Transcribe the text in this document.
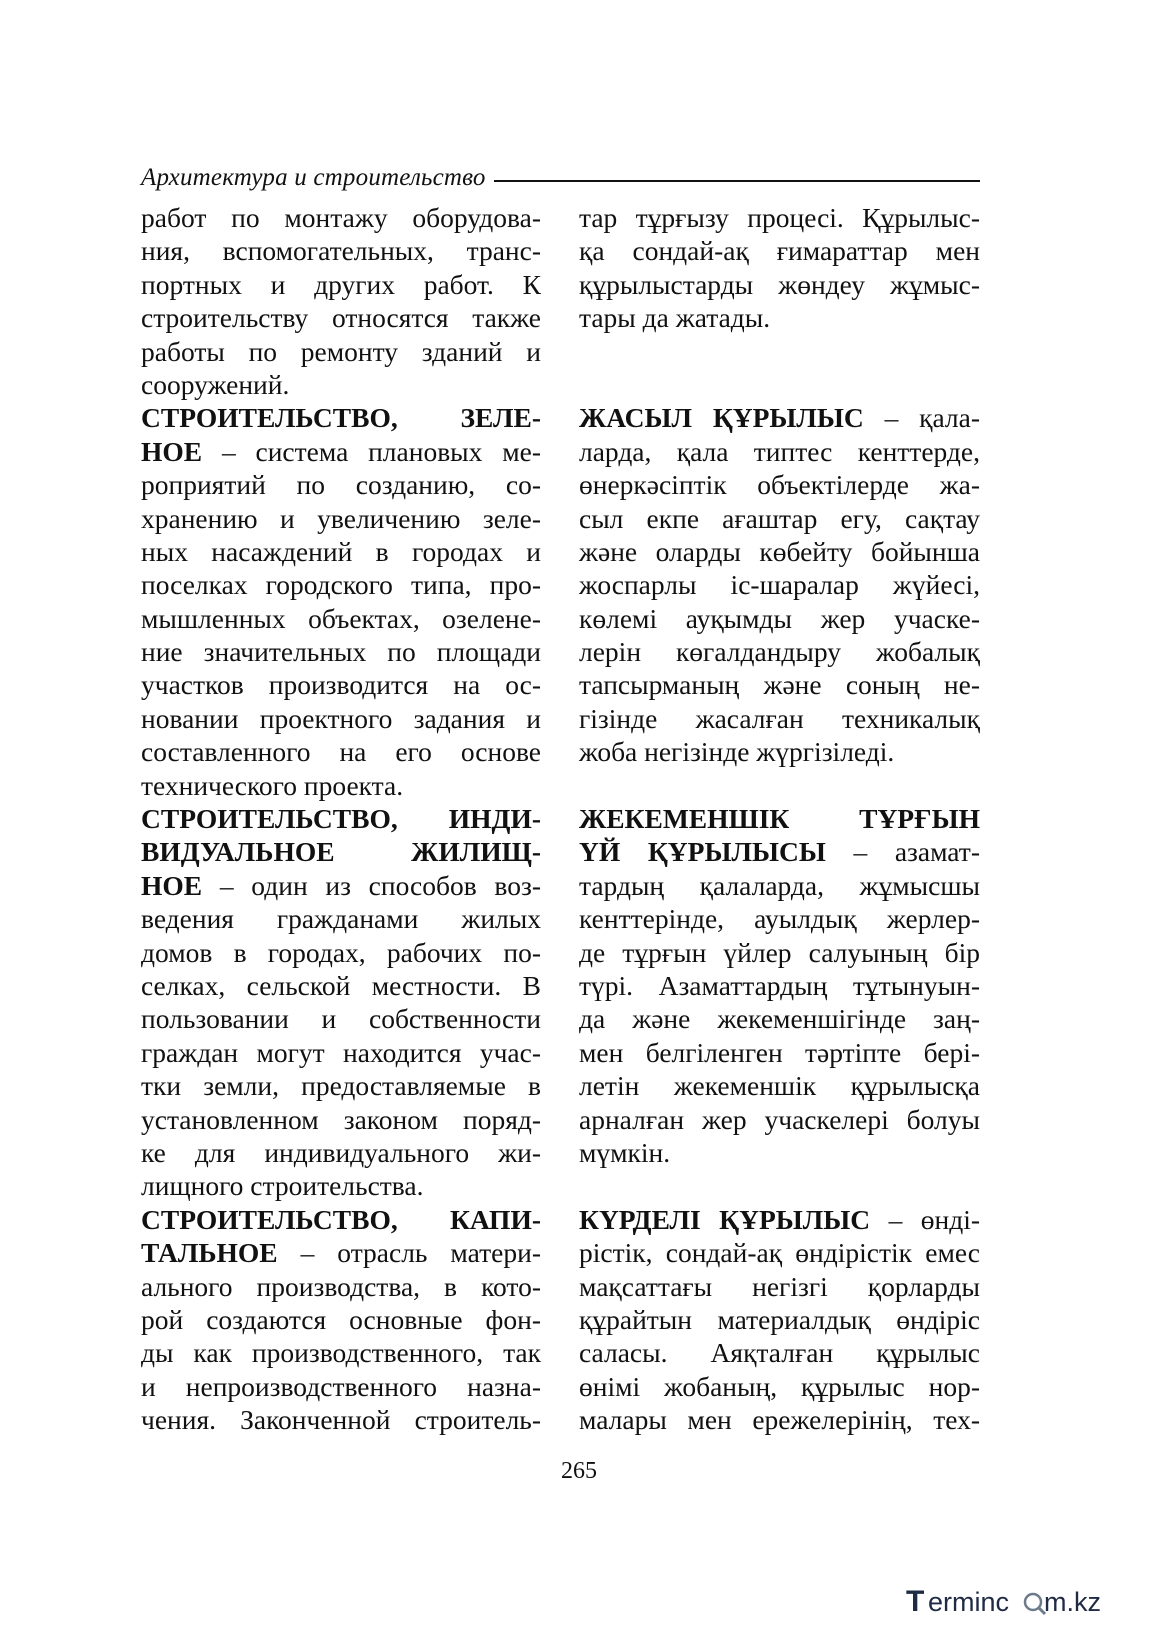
Архитектура и строительство
работ по монтажу оборудова-
ния, вспомогательных, транс-
портных и других работ. К
строительству относятся также
работы по ремонту зданий и
сооружений.
СТРОИТЕЛЬСТВО, ЗЕЛЕ-
НОЕ – система плановых ме-
роприятий по созданию, со-
хранению и увеличению зеле-
ных насаждений в городах и
поселках городского типа, про-
мышленных объектах, озелене-
ние значительных по площади
участков производится на ос-
новании проектного задания и
составленного на его основе
технического проекта.
СТРОИТЕЛЬСТВО, ИНДИ-
ВИДУАЛЬНОЕ ЖИЛИЩ-
НОЕ – один из способов воз-
ведения гражданами жилых
домов в городах, рабочих по-
селках, сельской местности. В
пользовании и собственности
граждан могут находится учас-
тки земли, предоставляемые в
установленном законом поряд-
ке для индивидуального жи-
лищного строительства.
СТРОИТЕЛЬСТВО, КАПИ-
ТАЛЬНОЕ – отрасль матери-
ального производства, в кото-
рой создаются основные фон-
ды как производственного, так
и непроизводственного назна-
чения. Законченной строитель-
тар тұрғызу процесі. Құрылыс-
қа сондай-ақ ғимараттар мен
құрылыстарды жөндеу жұмыс-
тары да жатады.
ЖАСЫЛ ҚҰРЫЛЫС – қала-
ларда, қала типтес кенттерде,
өнеркәсіптік объектілерде жа-
сыл екпе ағаштар егу, сақтау
және оларды көбейту бойынша
жоспарлы іс-шаралар жүйесі,
көлемі ауқымды жер учаске-
лерін көгалдандыру жобалық
тапсырманың және соның не-
гізінде жасалған техникалық
жоба негізінде жүргізіледі.
ЖЕКЕМЕНШІК ТҰРҒЫН
ҮЙ ҚҰРЫЛЫСЫ – азамат-
тардың қалаларда, жұмысшы
кенттерінде, ауылдық жерлер-
де тұрғын үйлер салуының бір
түрі. Азаматтардың тұтынуын-
да және жекеменшігінде заң-
мен белгіленген тәртіпте бері-
летін жекеменшік құрылысқа
арналған жер учаскелері болуы
мүмкін.
КҮРДЕЛІ ҚҰРЫЛЫС – өнді-
рістік, сондай-ақ өндірістік емес
мақсаттағы негізгі қорларды
құрайтын материалдық өндіріс
саласы. Аяқталған құрылыс
өнімі жобаның, құрылыс нор-
малары мен ережелерінің, тех-
265
T erminc m.kz
